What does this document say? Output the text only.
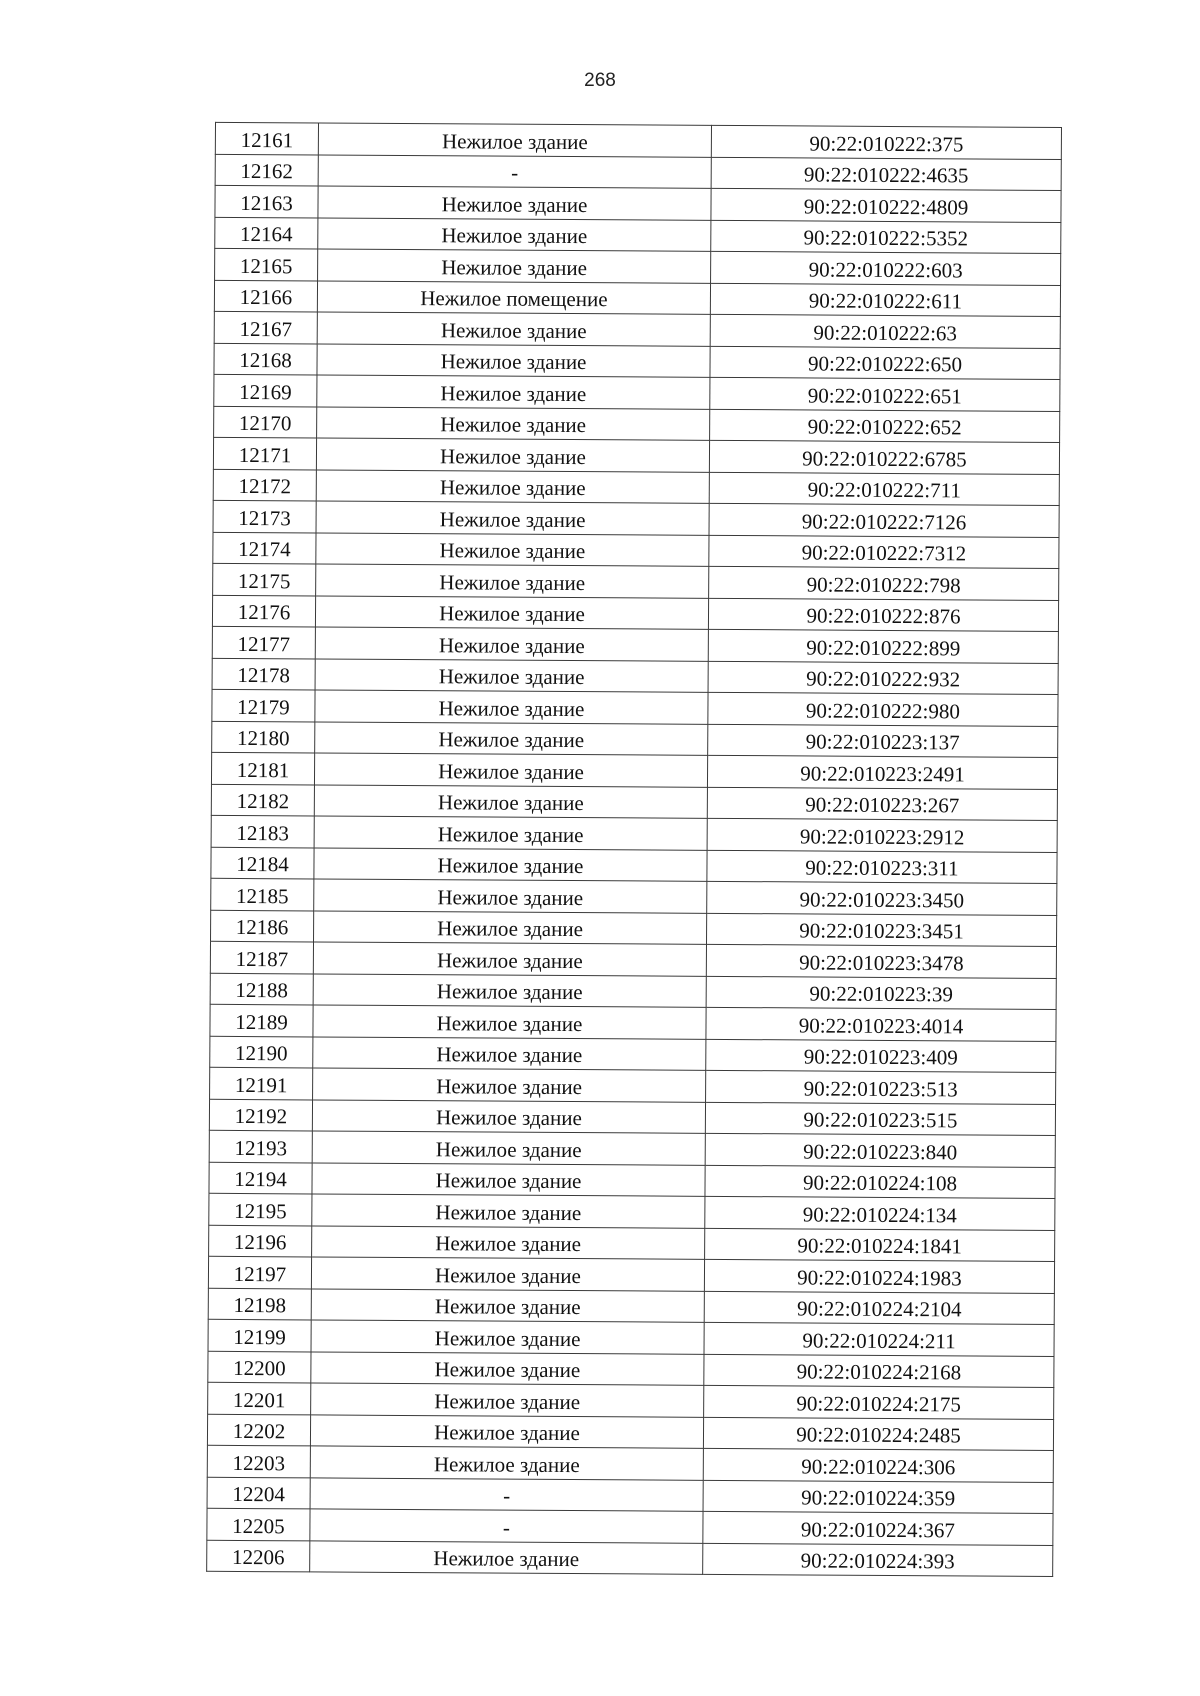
268
12161	Нежилое здание	90:22:010222:375
12162	-	90:22:010222:4635
12163	Нежилое здание	90:22:010222:4809
12164	Нежилое здание	90:22:010222:5352
12165	Нежилое здание	90:22:010222:603
12166	Нежилое помещение	90:22:010222:611
12167	Нежилое здание	90:22:010222:63
12168	Нежилое здание	90:22:010222:650
12169	Нежилое здание	90:22:010222:651
12170	Нежилое здание	90:22:010222:652
12171	Нежилое здание	90:22:010222:6785
12172	Нежилое здание	90:22:010222:711
12173	Нежилое здание	90:22:010222:7126
12174	Нежилое здание	90:22:010222:7312
12175	Нежилое здание	90:22:010222:798
12176	Нежилое здание	90:22:010222:876
12177	Нежилое здание	90:22:010222:899
12178	Нежилое здание	90:22:010222:932
12179	Нежилое здание	90:22:010222:980
12180	Нежилое здание	90:22:010223:137
12181	Нежилое здание	90:22:010223:2491
12182	Нежилое здание	90:22:010223:267
12183	Нежилое здание	90:22:010223:2912
12184	Нежилое здание	90:22:010223:311
12185	Нежилое здание	90:22:010223:3450
12186	Нежилое здание	90:22:010223:3451
12187	Нежилое здание	90:22:010223:3478
12188	Нежилое здание	90:22:010223:39
12189	Нежилое здание	90:22:010223:4014
12190	Нежилое здание	90:22:010223:409
12191	Нежилое здание	90:22:010223:513
12192	Нежилое здание	90:22:010223:515
12193	Нежилое здание	90:22:010223:840
12194	Нежилое здание	90:22:010224:108
12195	Нежилое здание	90:22:010224:134
12196	Нежилое здание	90:22:010224:1841
12197	Нежилое здание	90:22:010224:1983
12198	Нежилое здание	90:22:010224:2104
12199	Нежилое здание	90:22:010224:211
12200	Нежилое здание	90:22:010224:2168
12201	Нежилое здание	90:22:010224:2175
12202	Нежилое здание	90:22:010224:2485
12203	Нежилое здание	90:22:010224:306
12204	-	90:22:010224:359
12205	-	90:22:010224:367
12206	Нежилое здание	90:22:010224:393
